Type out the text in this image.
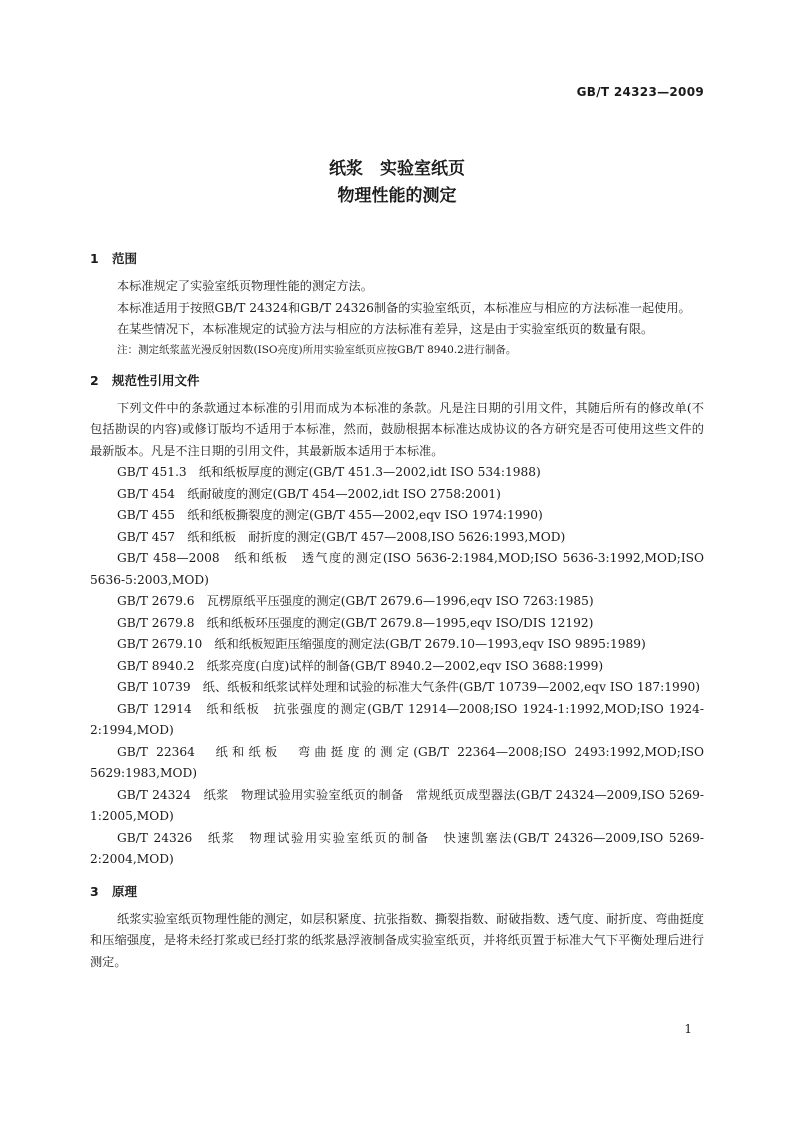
GB/T 24323—2009
纸浆　实验室纸页
物理性能的测定
1 范围

本标准规定了实验室纸页物理性能的测定方法。

本标准适用于按照GB/T 24324和GB/T 24326制备的实验室纸页，本标准应与相应的方法标准一起使用。

在某些情况下，本标准规定的试验方法与相应的方法标准有差异，这是由于实验室纸页的数量有限。

注：测定纸浆蓝光漫反射因数(ISO亮度)所用实验室纸页应按GB/T 8940.2进行制备。

2 规范性引用文件

下列文件中的条款通过本标准的引用而成为本标准的条款。凡是注日期的引用文件，其随后所有的修改单(不包括勘误的内容)或修订版均不适用于本标准，然而，鼓励根据本标准达成协议的各方研究是否可使用这些文件的最新版本。凡是不注日期的引用文件，其最新版本适用于本标准。

GB/T 451.3　纸和纸板厚度的测定(GB/T 451.3—2002,idt ISO 534:1988)

GB/T 454　纸耐破度的测定(GB/T 454—2002,idt ISO 2758:2001)

GB/T 455　纸和纸板撕裂度的测定(GB/T 455—2002,eqv ISO 1974:1990)

GB/T 457　纸和纸板　耐折度的测定(GB/T 457—2008,ISO 5626:1993,MOD)

GB/T 458—2008　纸和纸板　透气度的测定(ISO 5636-2:1984,MOD;ISO 5636-3:1992,MOD;ISO 5636-5:2003,MOD)

GB/T 2679.6　瓦楞原纸平压强度的测定(GB/T 2679.6—1996,eqv ISO 7263:1985)

GB/T 2679.8　纸和纸板环压强度的测定(GB/T 2679.8—1995,eqv ISO/DIS 12192)

GB/T 2679.10　纸和纸板短距压缩强度的测定法(GB/T 2679.10—1993,eqv ISO 9895:1989)

GB/T 8940.2　纸浆亮度(白度)试样的制备(GB/T 8940.2—2002,eqv ISO 3688:1999)

GB/T 10739　纸、纸板和纸浆试样处理和试验的标准大气条件(GB/T 10739—2002,eqv ISO 187:1990)

GB/T 12914　纸和纸板　抗张强度的测定(GB/T 12914—2008;ISO 1924-1:1992,MOD;ISO 1924-2:1994,MOD)

GB/T 22364　纸和纸板　弯曲挺度的测定(GB/T 22364—2008;ISO 2493:1992,MOD;ISO 5629:1983,MOD)

GB/T 24324　纸浆　物理试验用实验室纸页的制备　常规纸页成型器法(GB/T 24324—2009,ISO 5269-1:2005,MOD)

GB/T 24326　纸浆　物理试验用实验室纸页的制备　快速凯塞法(GB/T 24326—2009,ISO 5269-2:2004,MOD)

3 原理

纸浆实验室纸页物理性能的测定，如层积紧度、抗张指数、撕裂指数、耐破指数、透气度、耐折度、弯曲挺度和压缩强度，是将未经打浆或已经打浆的纸浆悬浮液制备成实验室纸页，并将纸页置于标准大气下平衡处理后进行测定。

1
